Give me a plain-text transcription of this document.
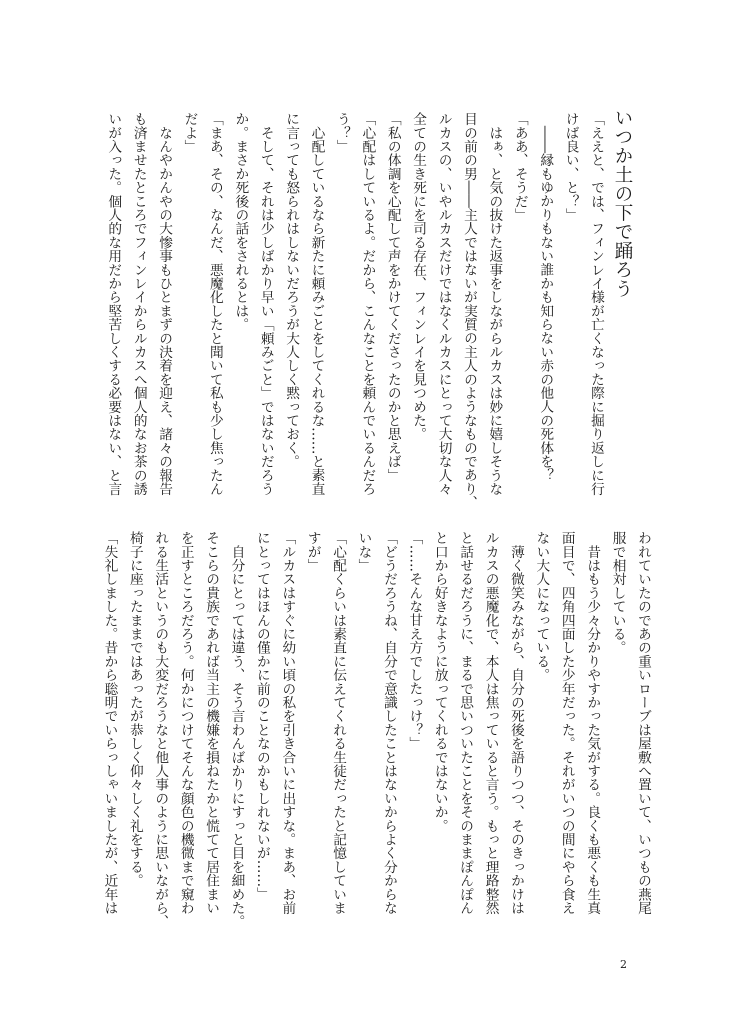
いつか土の下で踊ろう
「ええと、では、フィンレイ様が亡くなった際に掘り返しに行
けば良い、と？」
　――縁もゆかりもない誰かも知らない赤の他人の死体を？
「ああ、そうだ」
　はぁ、と気の抜けた返事をしながらルカスは妙に嬉しそうな
目の前の男――主人ではないが実質の主人のようなものであり、
ルカスの、いやルカスだけではなくルカスにとって大切な人々
全ての生き死にを司る存在、フィンレイを見つめた。
「私の体調を心配して声をかけてくださったのかと思えば」
「心配はしているよ。だから、こんなことを頼んでいるんだろ
う？」
　心配しているなら新たに頼みごとをしてくれるな……と素直
に言っても怒られはしないだろうが大人しく黙っておく。
　そして、それは少しばかり早い「頼みごと」ではないだろう
か。まさか死後の話をされるとは。
「まあ、その、なんだ、悪魔化したと聞いて私も少し焦ったん
だよ」
　なんやかんやの大惨事もひとまずの決着を迎え、諸々の報告
も済ませたところでフィンレイからルカスへ個人的なお茶の誘
いが入った。個人的な用だから堅苦しくする必要はない、と言
われていたのであの重いローブは屋敷へ置いて、いつもの燕尾
服で相対している。
　昔はもう少々分かりやすかった気がする。良くも悪くも生真
面目で、四角四面した少年だった。それがいつの間にやら食え
ない大人になっている。
　薄く微笑みながら、自分の死後を語りつつ、そのきっかけは
ルカスの悪魔化で、本人は焦っていると言う。もっと理路整然
と話せるだろうに、まるで思いついたことをそのままぽんぽん
と口から好きなように放ってくれるではないか。
「……そんな甘え方でしたっけ？」
「どうだろうね、自分で意識したことはないからよく分からな
いな」
「心配くらいは素直に伝えてくれる生徒だったと記憶していま
すが」
「ルカスはすぐに幼い頃の私を引き合いに出すな。まあ、お前
にとってはほんの僅かに前のことなのかもしれないが……」
　自分にとっては違う、そう言わんばかりにすっと目を細めた。
そこらの貴族であれば当主の機嫌を損ねたかと慌てて居住まい
を正すところだろう。何かにつけてそんな顔色の機微まで窺わ
れる生活というのも大変だろうなと他人事のように思いながら、
椅子に座ったままではあったが恭しく仰々しく礼をする。
「失礼しました。昔から聡明でいらっしゃいましたが、近年は
2
